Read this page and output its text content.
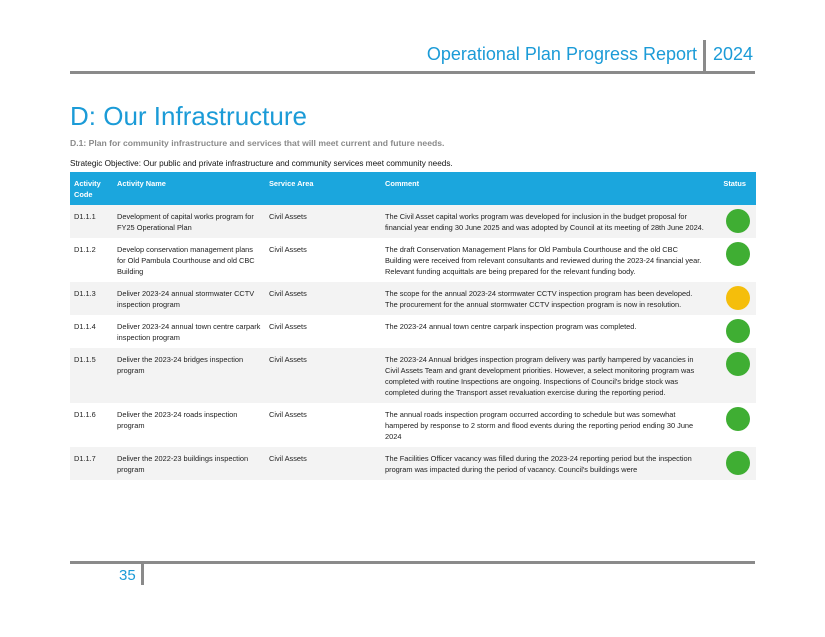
Operational Plan Progress Report 2024
D: Our Infrastructure
D.1: Plan for community infrastructure and services that will meet current and future needs.
Strategic Objective: Our public and private infrastructure and community services meet community needs.
Activity Code	Activity Name	Service Area	Comment	Status
D1.1.1	Development of capital works program for FY25 Operational Plan	Civil Assets	The Civil Asset capital works program was developed for inclusion in the budget proposal for financial year ending 30 June 2025 and was adopted by Council at its meeting of 28th June 2024.	
D1.1.2	Develop conservation management plans for Old Pambula Courthouse and old CBC Building	Civil Assets	The draft Conservation Management Plans for Old Pambula Courthouse and the old CBC Building were received from relevant consultants and reviewed during the 2023-24 financial year. Relevant funding acquittals are being prepared for the relevant funding body.	
D1.1.3	Deliver 2023-24 annual stormwater CCTV inspection program	Civil Assets	The scope for the annual 2023-24 stormwater CCTV inspection program has been developed. The procurement for the annual stormwater CCTV inspection program is now in resolution.	
D1.1.4	Deliver 2023-24 annual town centre carpark inspection program	Civil Assets	The 2023-24 annual town centre carpark inspection program was completed.	
D1.1.5	Deliver the 2023-24 bridges inspection program	Civil Assets	The 2023-24 Annual bridges inspection program delivery was partly hampered by vacancies in Civil Assets Team and grant development priorities. However, a select monitoring program was completed with routine Inspections are ongoing. Inspections of Council's bridge stock was completed during the Transport asset revaluation exercise during the reporting period.	
D1.1.6	Deliver the 2023-24 roads inspection program	Civil Assets	The annual roads inspection program occurred according to schedule but was somewhat hampered by response to 2 storm and flood events during the reporting period ending 30 June 2024	
D1.1.7	Deliver the 2022-23 buildings inspection program	Civil Assets	The Facilities Officer vacancy was filled during the 2023-24 reporting period but the inspection program was impacted during the period of vacancy. Council's buildings were	
35
